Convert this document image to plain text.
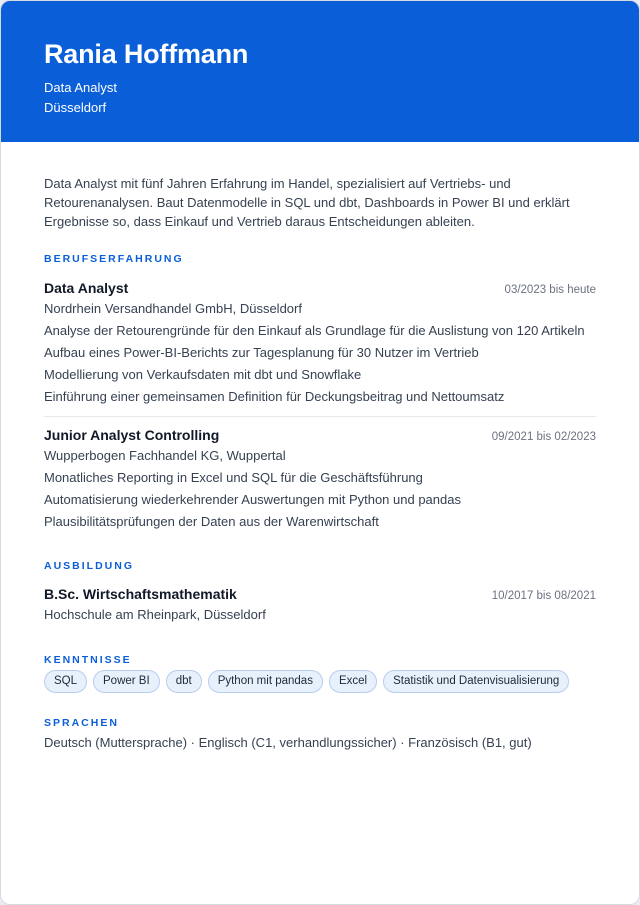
Rania Hoffmann
Data Analyst
Düsseldorf

Data Analyst mit fünf Jahren Erfahrung im Handel, spezialisiert auf Vertriebs- und Retourenanalysen. Baut Datenmodelle in SQL und dbt, Dashboards in Power BI und erklärt Ergebnisse so, dass Einkauf und Vertrieb daraus Entscheidungen ableiten.

BERUFSERFAHRUNG
Data Analyst	03/2023 bis heute
Nordrhein Versandhandel GmbH, Düsseldorf
Analyse der Retourengründe für den Einkauf als Grundlage für die Auslistung von 120 Artikeln
Aufbau eines Power-BI-Berichts zur Tagesplanung für 30 Nutzer im Vertrieb
Modellierung von Verkaufsdaten mit dbt und Snowflake
Einführung einer gemeinsamen Definition für Deckungsbeitrag und Nettoumsatz
Junior Analyst Controlling	09/2021 bis 02/2023
Wupperbogen Fachhandel KG, Wuppertal
Monatliches Reporting in Excel und SQL für die Geschäftsführung
Automatisierung wiederkehrender Auswertungen mit Python und pandas
Plausibilitätsprüfungen der Daten aus der Warenwirtschaft
AUSBILDUNG
B.Sc. Wirtschaftsmathematik	10/2017 bis 08/2021
Hochschule am Rheinpark, Düsseldorf
KENNTNISSE
SQL	Power BI	dbt	Python mit pandas	Excel	Statistik und Datenvisualisierung
SPRACHEN
Deutsch (Muttersprache) · Englisch (C1, verhandlungssicher) · Französisch (B1, gut)
